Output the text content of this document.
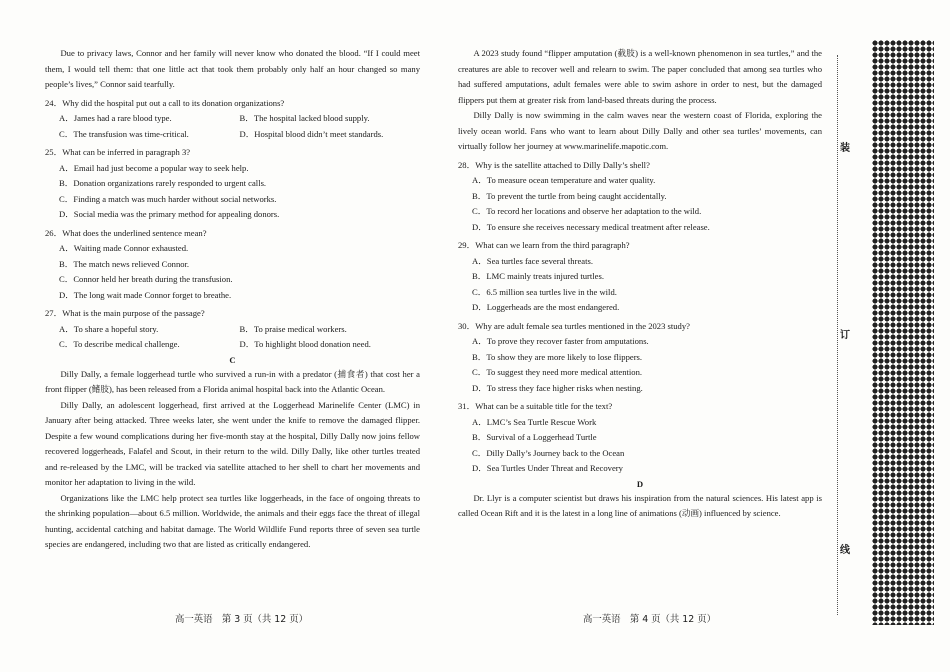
Due to privacy laws, Connor and her family will never know who donated the blood. “If I could meet them, I would tell them: that one little act that took them probably only half an hour changed so many people’s lives,” Connor said tearfully.

24．Why did the hospital put out a call to its donation organizations?

A．James had a rare blood type.	B．The hospital lacked blood supply.
C．The transfusion was time-critical.	D．Hospital blood didn’t meet standards.

25．What can be inferred in paragraph 3?

A．Email had just become a popular way to seek help.
B．Donation organizations rarely responded to urgent calls.
C．Finding a match was much harder without social networks.
D．Social media was the primary method for appealing donors.

26．What does the underlined sentence mean?

A．Waiting made Connor exhausted.
B．The match news relieved Connor.
C．Connor held her breath during the transfusion.
D．The long wait made Connor forget to breathe.

27．What is the main purpose of the passage?

A．To share a hopeful story.	B．To praise medical workers.
C．To describe medical challenge.	D．To highlight blood donation need.

C

Dilly Dally, a female loggerhead turtle who survived a run-in with a predator (捕食者) that cost her a front flipper (鳍肢), has been released from a Florida animal hospital back into the Atlantic Ocean.

Dilly Dally, an adolescent loggerhead, first arrived at the Loggerhead Marinelife Center (LMC) in January after being attacked. Three weeks later, she went under the knife to remove the damaged flipper. Despite a few wound complications during her five-month stay at the hospital, Dilly Dally now joins fellow recovered loggerheads, Falafel and Scout, in their return to the wild. Dilly Dally, like other turtles treated and re-released by the LMC, will be tracked via satellite attached to her shell to chart her movements and monitor her adaptation to living in the wild.

Organizations like the LMC help protect sea turtles like loggerheads, in the face of ongoing threats to the shrinking population—about 6.5 million. Worldwide, the animals and their eggs face the threat of illegal hunting, accidental catching and habitat damage. The World Wildlife Fund reports three of seven sea turtle species are endangered, including two that are listed as critically endangered.

A 2023 study found “flipper amputation (截肢) is a well-known phenomenon in sea turtles,” and the creatures are able to recover well and relearn to swim. The paper concluded that among sea turtles who had suffered amputations, adult females were able to swim ashore in order to nest, but the damaged flippers put them at greater risk from land-based threats during the process.

Dilly Dally is now swimming in the calm waves near the western coast of Florida, exploring the lively ocean world. Fans who want to learn about Dilly Dally and other sea turtles’ movements, can virtually follow her journey at www.marinelife.mapotic.com.

28．Why is the satellite attached to Dilly Dally’s shell?

A．To measure ocean temperature and water quality.
B．To prevent the turtle from being caught accidentally.
C．To record her locations and observe her adaptation to the wild.
D．To ensure she receives necessary medical treatment after release.

29．What can we learn from the third paragraph?

A．Sea turtles face several threats.
B．LMC mainly treats injured turtles.
C．6.5 million sea turtles live in the wild.
D．Loggerheads are the most endangered.

30．Why are adult female sea turtles mentioned in the 2023 study?

A．To prove they recover faster from amputations.
B．To show they are more likely to lose flippers.
C．To suggest they need more medical attention.
D．To stress they face higher risks when nesting.

31．What can be a suitable title for the text?

A．LMC’s Sea Turtle Rescue Work
B．Survival of a Loggerhead Turtle
C．Dilly Dally’s Journey back to the Ocean
D．Sea Turtles Under Threat and Recovery

D

Dr. Llyr is a computer scientist but draws his inspiration from the natural sciences. His latest app is called Ocean Rift and it is the latest in a long line of animations (动画) influenced by science.

高一英语　第 3 页（共 12 页）	高一英语　第 4 页（共 12 页）
装
订
线
